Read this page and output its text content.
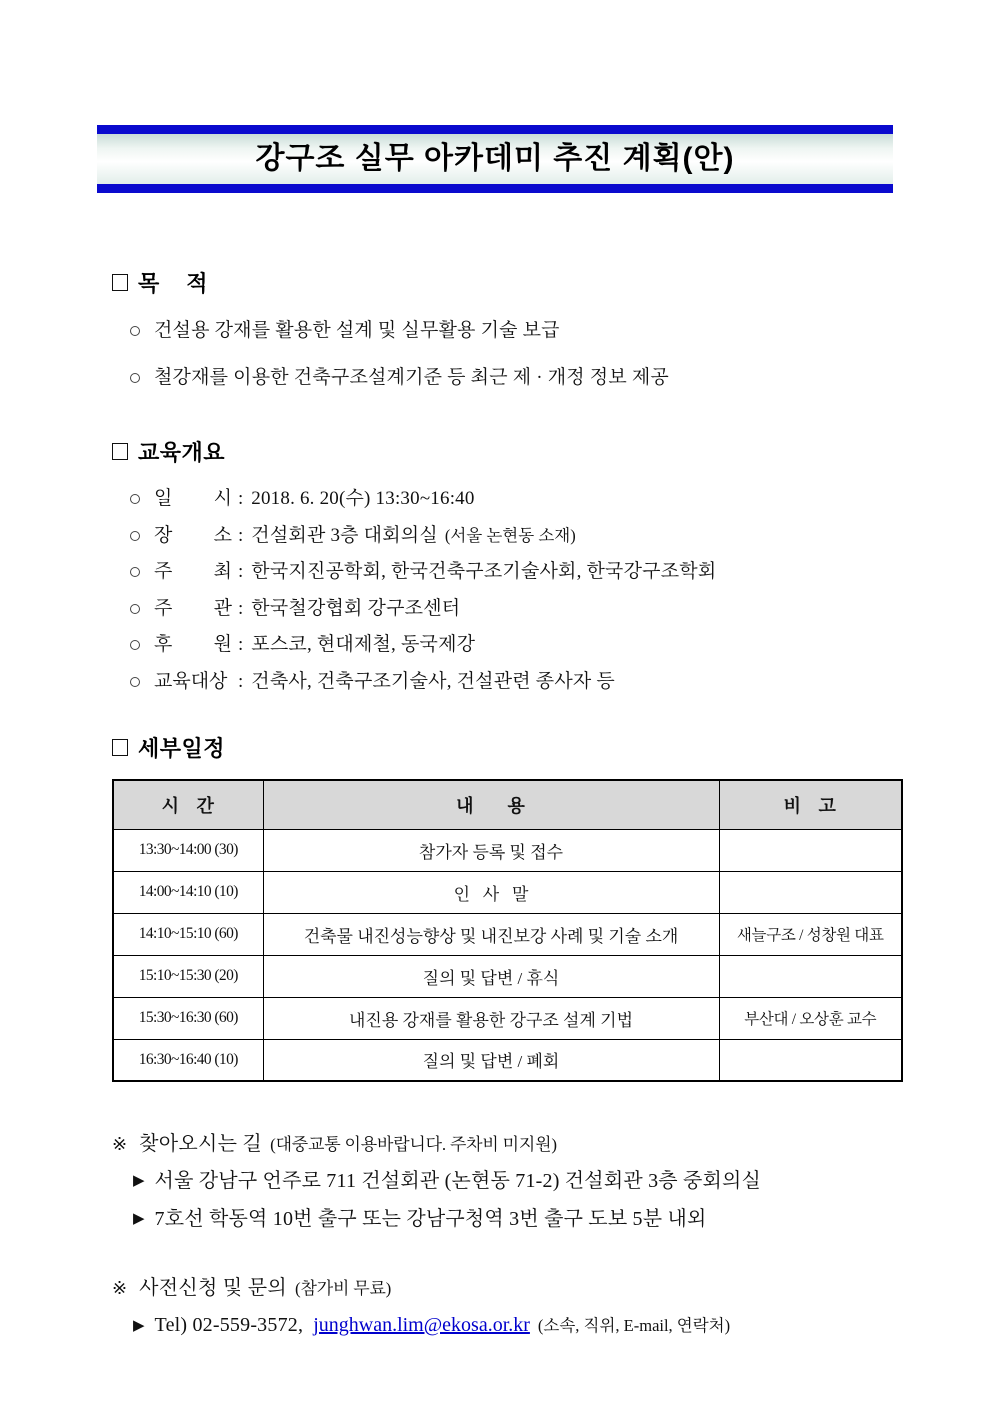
강구조 실무 아카데미 추진 계획(안)
목    적
건설용 강재를 활용한 설계 및 실무활용 기술 보급
철강재를 이용한 건축구조설계기준 등 최근 제 · 개정 정보 제공
교육개요
일 시 : 2018. 6. 20(수) 13:30~16:40
장 소 : 건설회관 3층 대회의실 (서울 논현동 소재)
주 최 : 한국지진공학회, 한국건축구조기술사회, 한국강구조학회
주 관 : 한국철강협회 강구조센터
후 원 : 포스코, 현대제철, 동국제강
교육대상 : 건축사, 건축구조기술사, 건설관련 종사자 등
세부일정
시   간	내      용	비   고
13:30~14:00 (30)	참가자 등록 및 접수	
14:00~14:10 (10)	인   사   말	
14:10~15:10 (60)	건축물 내진성능향상 및 내진보강 사례 및 기술 소개	새늘구조 / 성창원 대표
15:10~15:30 (20)	질의 및 답변 / 휴식	
15:30~16:30 (60)	내진용 강재를 활용한 강구조 설계 기법	부산대 / 오상훈 교수
16:30~16:40 (10)	질의 및 답변 / 폐회	
※ 찾아오시는 길 (대중교통 이용바랍니다. 주차비 미지원)
▶ 서울 강남구 언주로 711 건설회관 (논현동 71-2) 건설회관 3층 중회의실
▶ 7호선 학동역 10번 출구 또는 강남구청역 3번 출구 도보 5분 내외
※ 사전신청 및 문의 (참가비 무료)
▶ Tel) 02-559-3572, junghwan.lim@ekosa.or.kr (소속, 직위, E-mail, 연락처)
